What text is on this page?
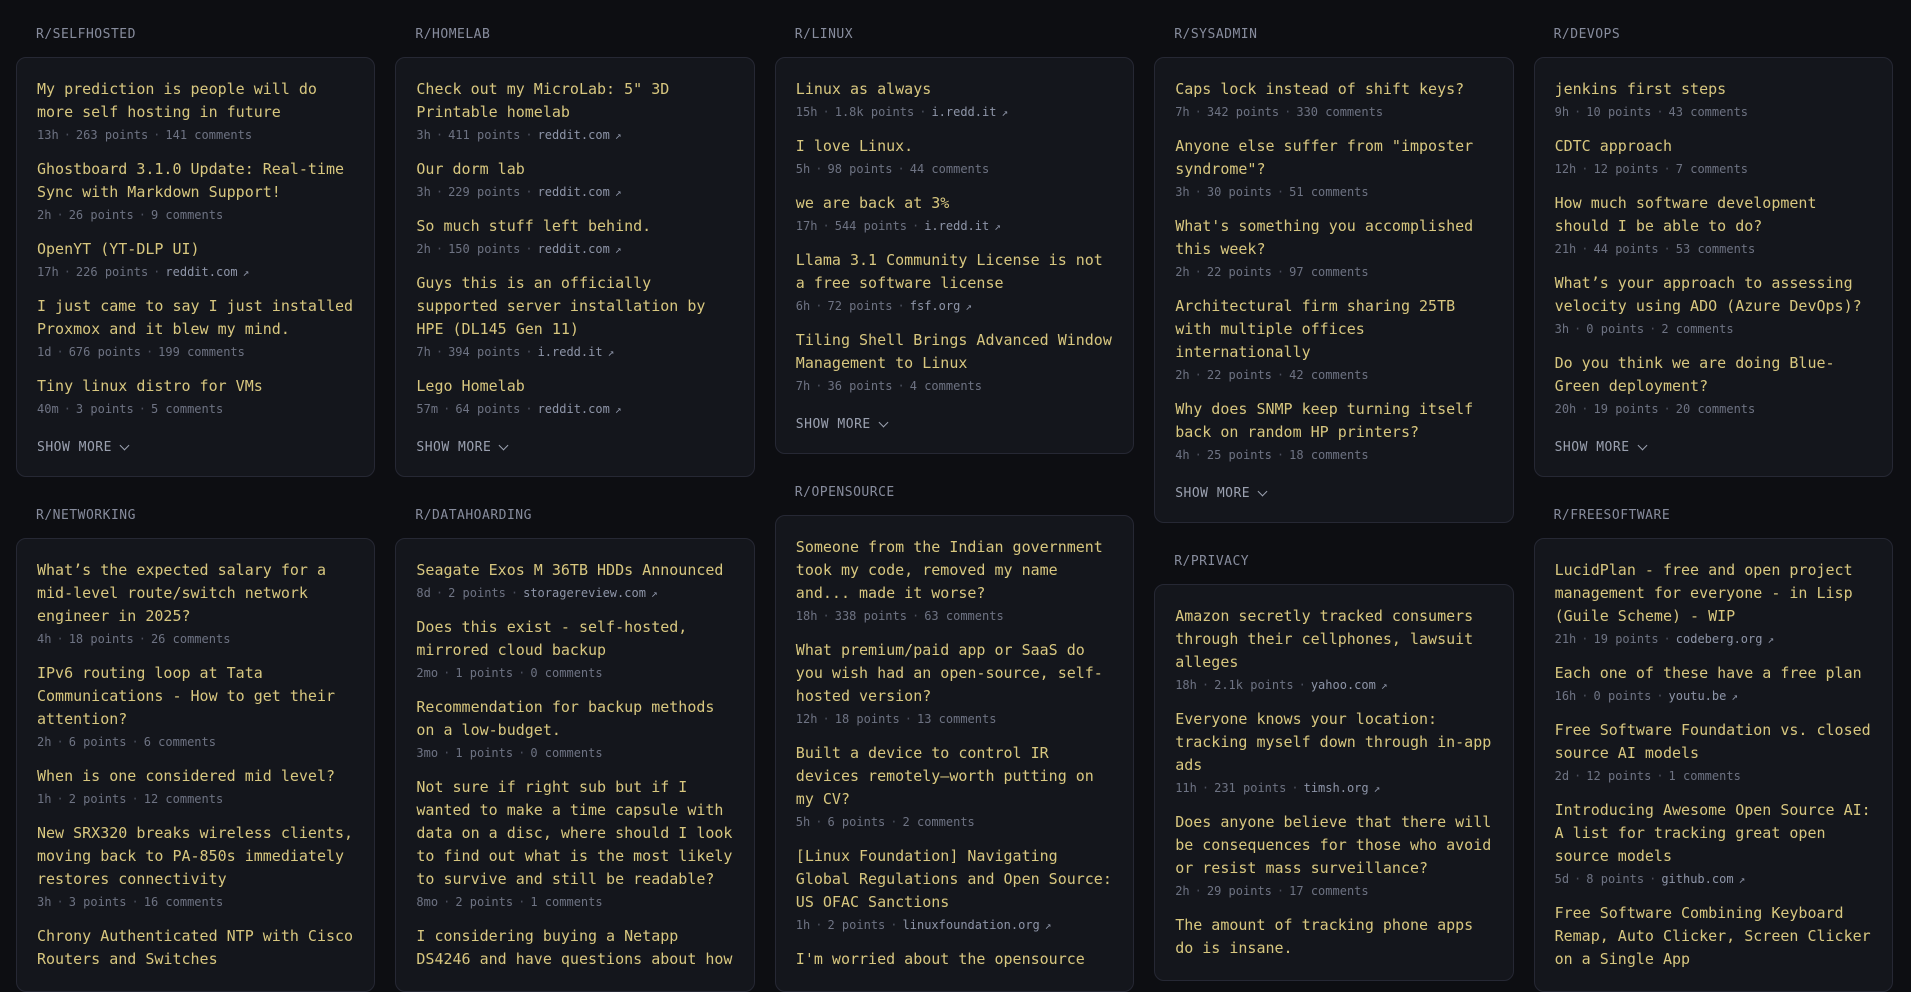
R/SELFHOSTED
My prediction is people will do more self hosting in future
13h · 263 points · 141 comments
Ghostboard 3.1.0 Update: Real-time Sync with Markdown Support!
2h · 26 points · 9 comments
OpenYT (YT-DLP UI)
17h · 226 points · reddit.com ↗
I just came to say I just installed Proxmox and it blew my mind.
1d · 676 points · 199 comments
Tiny linux distro for VMs
40m · 3 points · 5 comments
SHOW MORE
R/NETWORKING
What’s the expected salary for a mid-level route/switch network engineer in 2025?
4h · 18 points · 26 comments
IPv6 routing loop at Tata Communications - How to get their attention?
2h · 6 points · 6 comments
When is one considered mid level?
1h · 2 points · 12 comments
New SRX320 breaks wireless clients, moving back to PA-850s immediately restores connectivity
3h · 3 points · 16 comments
Chrony Authenticated NTP with Cisco Routers and Switches
R/HOMELAB
Check out my MicroLab: 5" 3D Printable homelab
3h · 411 points · reddit.com ↗
Our dorm lab
3h · 229 points · reddit.com ↗
So much stuff left behind.
2h · 150 points · reddit.com ↗
Guys this is an officially supported server installation by HPE (DL145 Gen 11)
7h · 394 points · i.redd.it ↗
Lego Homelab
57m · 64 points · reddit.com ↗
SHOW MORE
R/DATAHOARDING
Seagate Exos M 36TB HDDs Announced
8d · 2 points · storagereview.com ↗
Does this exist - self-hosted, mirrored cloud backup
2mo · 1 points · 0 comments
Recommendation for backup methods on a low-budget.
3mo · 1 points · 0 comments
Not sure if right sub but if I wanted to make a time capsule with data on a disc, where should I look to find out what is the most likely to survive and still be readable?
8mo · 2 points · 1 comments
I considering buying a Netapp DS4246 and have questions about how
R/LINUX
Linux as always
15h · 1.8k points · i.redd.it ↗
I love Linux.
5h · 98 points · 44 comments
we are back at 3%
17h · 544 points · i.redd.it ↗
Llama 3.1 Community License is not a free software license
6h · 72 points · fsf.org ↗
Tiling Shell Brings Advanced Window Management to Linux
7h · 36 points · 4 comments
SHOW MORE
R/OPENSOURCE
Someone from the Indian government took my code, removed my name and... made it worse?
18h · 338 points · 63 comments
What premium/paid app or SaaS do you wish had an open-source, self-hosted version?
12h · 18 points · 13 comments
Built a device to control IR devices remotely—worth putting on my CV?
5h · 6 points · 2 comments
[Linux Foundation] Navigating Global Regulations and Open Source: US OFAC Sanctions
1h · 2 points · linuxfoundation.org ↗
I'm worried about the opensource
R/SYSADMIN
Caps lock instead of shift keys?
7h · 342 points · 330 comments
Anyone else suffer from "imposter syndrome"?
3h · 30 points · 51 comments
What's something you accomplished this week?
2h · 22 points · 97 comments
Architectural firm sharing 25TB with multiple offices internationally
2h · 22 points · 42 comments
Why does SNMP keep turning itself back on random HP printers?
4h · 25 points · 18 comments
SHOW MORE
R/PRIVACY
Amazon secretly tracked consumers through their cellphones, lawsuit alleges
18h · 2.1k points · yahoo.com ↗
Everyone knows your location: tracking myself down through in-app ads
11h · 231 points · timsh.org ↗
Does anyone believe that there will be consequences for those who avoid or resist mass surveillance?
2h · 29 points · 17 comments
The amount of tracking phone apps do is insane.
R/DEVOPS
jenkins first steps
9h · 10 points · 43 comments
CDTC approach
12h · 12 points · 7 comments
How much software development should I be able to do?
21h · 44 points · 53 comments
What’s your approach to assessing velocity using ADO (Azure DevOps)?
3h · 0 points · 2 comments
Do you think we are doing Blue-Green deployment?
20h · 19 points · 20 comments
SHOW MORE
R/FREESOFTWARE
LucidPlan - free and open project management for everyone - in Lisp (Guile Scheme) - WIP
21h · 19 points · codeberg.org ↗
Each one of these have a free plan
16h · 0 points · youtu.be ↗
Free Software Foundation vs. closed source AI models
2d · 12 points · 1 comments
Introducing Awesome Open Source AI: A list for tracking great open source models
5d · 8 points · github.com ↗
Free Software Combining Keyboard Remap, Auto Clicker, Screen Clicker on a Single App
